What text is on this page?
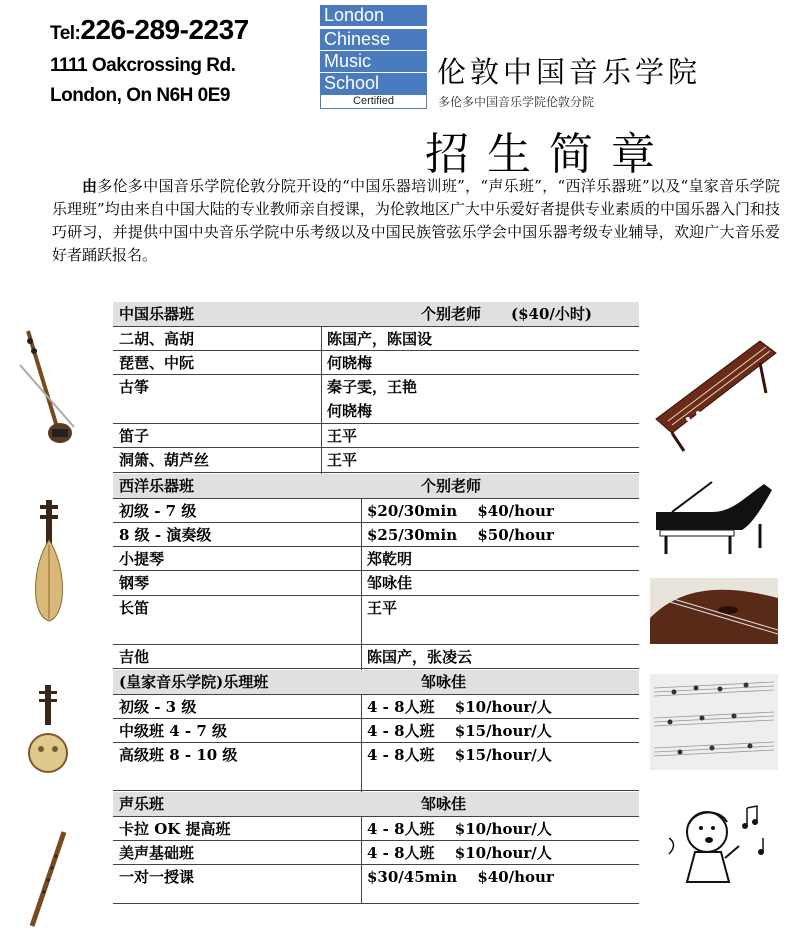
Tel:226-289-2237
1111 Oakcrossing Rd.
London, On N6H 0E9
London
Chinese
Music
School
Certified
伦敦中国音乐学院
多伦多中国音乐学院伦敦分院
招生简章
由多伦多中国音乐学院伦敦分院开设的“中国乐器培训班”，“声乐班”，“西洋乐器班”以及“皇家音乐学院乐理班”均由来自中国大陆的专业教师亲自授课，为伦敦地区广大中乐爱好者提供专业素质的中国乐器入门和技巧研习，并提供中国中央音乐学院中乐考级以及中国民族管弦乐学会中国乐器考级专业辅导，欢迎广大音乐爱好者踊跃报名。
中国乐器班	个别老师　　($40/小时)
二胡、高胡	陈国产，陈国设
琵琶、中阮	何晓梅
古筝	秦子雯，王艳
何晓梅
笛子	王平
洞箫、葫芦丝	王平
西洋乐器班	个别老师
初级 - 7 级	$20/30min　 $40/hour
8 级 - 演奏级	$25/30min　 $50/hour
小提琴	郑乾明
钢琴	邹咏佳
长笛	王平
吉他	陈国产，张凌云
(皇家音乐学院)乐理班	邹咏佳
初级 - 3 级	4 - 8人班　 $10/hour/人
中级班 4 - 7 级	4 - 8人班　 $15/hour/人
高级班 8 - 10 级	4 - 8人班　 $15/hour/人
声乐班	邹咏佳
卡拉 OK 提高班	4 - 8人班　 $10/hour/人
美声基础班	4 - 8人班　 $10/hour/人
一对一授课	$30/45min　 $40/hour
